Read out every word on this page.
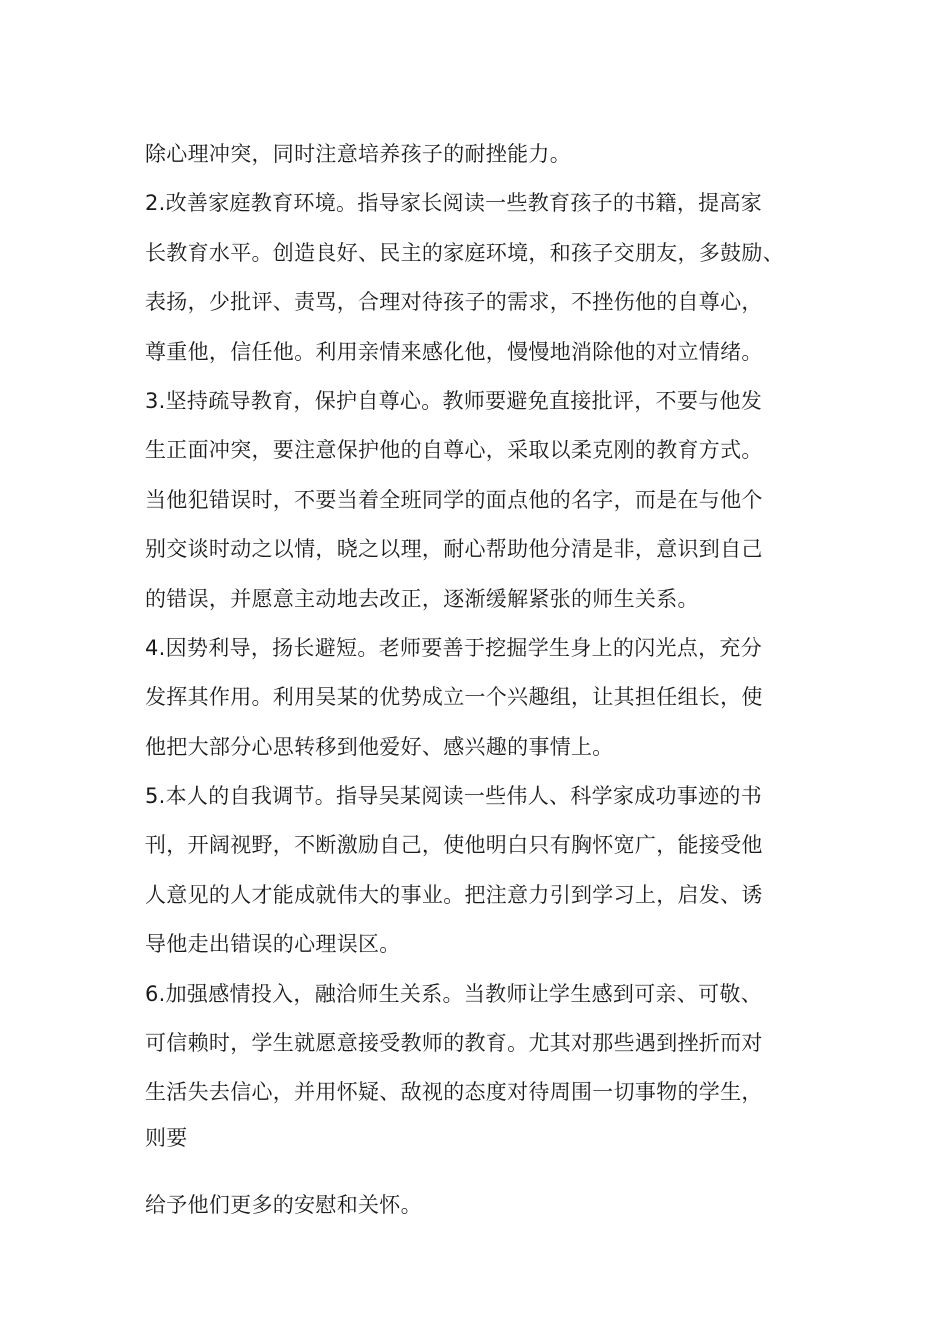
除心理冲突，同时注意培养孩子的耐挫能力。
2.改善家庭教育环境。指导家长阅读一些教育孩子的书籍，提高家
长教育水平。创造良好、民主的家庭环境，和孩子交朋友，多鼓励、
表扬，少批评、责骂，合理对待孩子的需求，不挫伤他的自尊心，
尊重他，信任他。利用亲情来感化他，慢慢地消除他的对立情绪。
3.坚持疏导教育，保护自尊心。教师要避免直接批评，不要与他发
生正面冲突，要注意保护他的自尊心，采取以柔克刚的教育方式。
当他犯错误时，不要当着全班同学的面点他的名字，而是在与他个
别交谈时动之以情，晓之以理，耐心帮助他分清是非，意识到自己
的错误，并愿意主动地去改正，逐渐缓解紧张的师生关系。
4.因势利导，扬长避短。老师要善于挖掘学生身上的闪光点，充分
发挥其作用。利用吴某的优势成立一个兴趣组，让其担任组长，使
他把大部分心思转移到他爱好、感兴趣的事情上。
5.本人的自我调节。指导吴某阅读一些伟人、科学家成功事迹的书
刊，开阔视野，不断激励自己，使他明白只有胸怀宽广，能接受他
人意见的人才能成就伟大的事业。把注意力引到学习上，启发、诱
导他走出错误的心理误区。
6.加强感情投入，融洽师生关系。当教师让学生感到可亲、可敬、
可信赖时，学生就愿意接受教师的教育。尤其对那些遇到挫折而对
生活失去信心，并用怀疑、敌视的态度对待周围一切事物的学生，
则要
给予他们更多的安慰和关怀。
